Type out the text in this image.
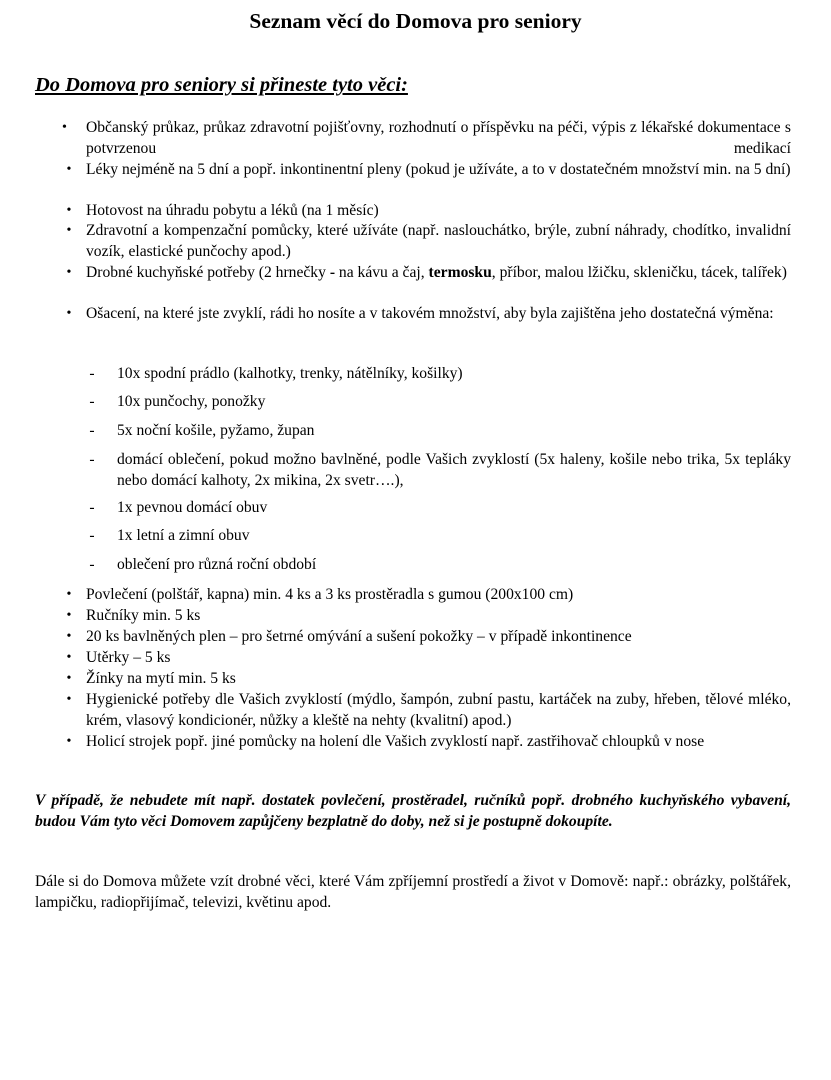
Seznam věcí do Domova pro seniory
Do Domova pro seniory si přineste tyto věci:
•	Občanský průkaz, průkaz zdravotní pojišťovny, rozhodnutí o příspěvku na péči, výpis z lékařské dokumentace s potvrzenou medikací
• Léky nejméně na 5 dní a popř. inkontinentní pleny (pokud je užíváte, a to v dostatečném množství min. na 5 dní)
• Hotovost na úhradu pobytu a léků (na 1 měsíc)
• Zdravotní a kompenzační pomůcky, které užíváte (např. naslouchátko, brýle, zubní náhrady, chodítko, invalidní vozík, elastické punčochy apod.)
• Drobné kuchyňské potřeby (2 hrnečky - na kávu a čaj, termosku, příbor, malou lžičku, skleničku, tácek, talířek)
• Ošacení, na které jste zvyklí, rádi ho nosíte a v takovém množství, aby byla zajištěna jeho dostatečná výměna:
- 10x spodní prádlo (kalhotky, trenky, nátělníky, košilky)
- 10x punčochy, ponožky
- 5x noční košile, pyžamo, župan
- domácí oblečení, pokud možno bavlněné, podle Vašich zvyklostí (5x haleny, košile nebo trika, 5x tepláky nebo domácí kalhoty, 2x mikina, 2x svetr….),
- 1x pevnou domácí obuv
- 1x letní a zimní obuv
- oblečení pro různá roční období
• Povlečení (polštář, kapna) min. 4 ks a 3 ks prostěradla s gumou (200x100 cm)
• Ručníky min. 5 ks
• 20 ks bavlněných plen – pro šetrné omývání a sušení pokožky – v případě inkontinence
• Utěrky – 5 ks
• Žínky na mytí min. 5 ks
• Hygienické potřeby dle Vašich zvyklostí (mýdlo, šampón, zubní pastu, kartáček na zuby, hřeben, tělové mléko, krém, vlasový kondicionér, nůžky a kleště na nehty (kvalitní) apod.)
• Holicí strojek popř. jiné pomůcky na holení dle Vašich zvyklostí např. zastřihovač chloupků v nose
V případě, že nebudete mít např. dostatek povlečení, prostěradel, ručníků popř. drobného kuchyňského vybavení, budou Vám tyto věci Domovem zapůjčeny bezplatně do doby, než si je postupně dokoupíte.
Dále si do Domova můžete vzít drobné věci, které Vám zpříjemní prostředí a život v Domově: např.: obrázky, polštářek, lampičku, radiopřijímač, televizi, květinu apod.
